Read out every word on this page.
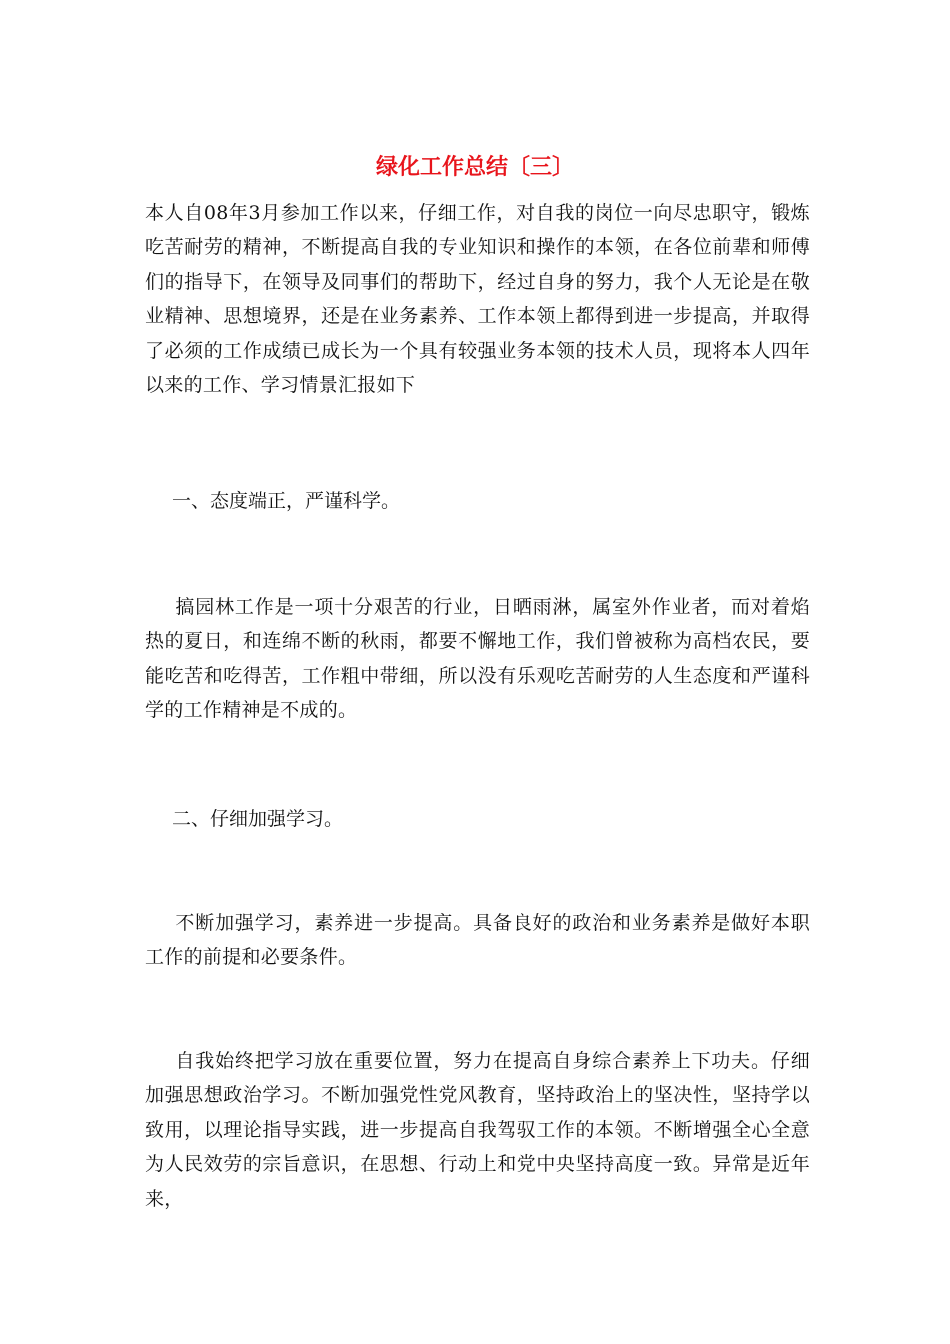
绿化工作总结〔三〕

本人自08年3月参加工作以来，仔细工作，对自我的岗位一向尽忠职守，锻炼吃苦耐劳的精神，不断提高自我的专业知识和操作的本领，在各位前辈和师傅们的指导下，在领导及同事们的帮助下，经过自身的努力，我个人无论是在敬业精神、思想境界，还是在业务素养、工作本领上都得到进一步提高，并取得了必须的工作成绩已成长为一个具有较强业务本领的技术人员，现将本人四年以来的工作、学习情景汇报如下

一、态度端正，严谨科学。

搞园林工作是一项十分艰苦的行业，日晒雨淋，属室外作业者，而对着焰热的夏日，和连绵不断的秋雨，都要不懈地工作，我们曾被称为高档农民，要能吃苦和吃得苦，工作粗中带细，所以没有乐观吃苦耐劳的人生态度和严谨科学的工作精神是不成的。

二、仔细加强学习。

不断加强学习，素养进一步提高。具备良好的政治和业务素养是做好本职工作的前提和必要条件。

自我始终把学习放在重要位置，努力在提高自身综合素养上下功夫。仔细加强思想政治学习。不断加强党性党风教育，坚持政治上的坚决性，坚持学以致用，以理论指导实践，进一步提高自我驾驭工作的本领。不断增强全心全意为人民效劳的宗旨意识，在思想、行动上和党中央坚持高度一致。异常是近年来，
